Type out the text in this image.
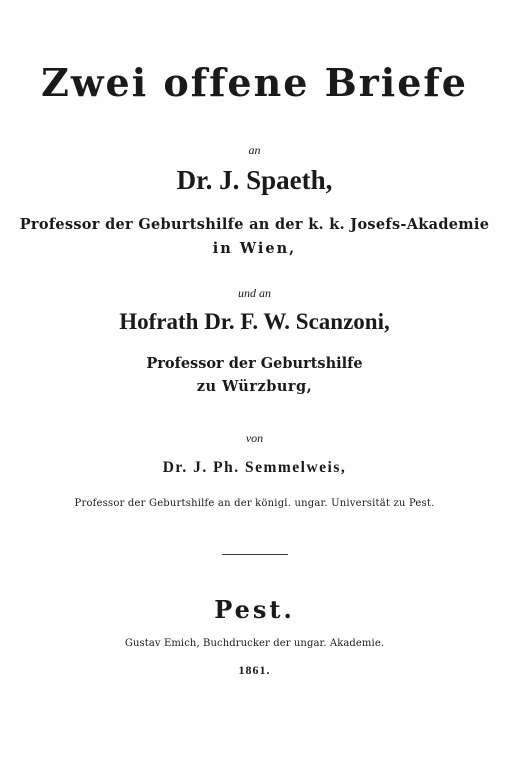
Zwei offene Briefe
an
Dr. J. Spaeth,
Professor der Geburtshilfe an der k. k. Josefs-Akademie
in Wien,
und an
Hofrath Dr. F. W. Scanzoni,
Professor der Geburtshilfe
zu Würzburg,
von
Dr. J. Ph. Semmelweis,
Professor der Geburtshilfe an der königl. ungar. Universität zu Pest.
Pest.
Gustav Emich, Buchdrucker der ungar. Akademie.
1861.
